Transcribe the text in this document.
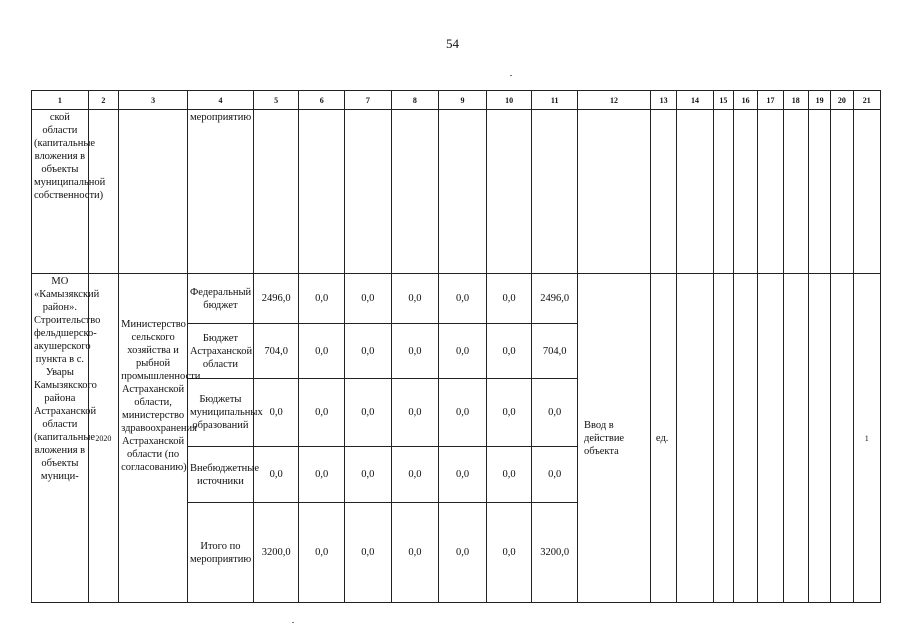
54
1	2	3	4	5	6	7	8	9	10	11	12	13	14	15	16	17	18	19	20	21
ской области (капитальные вложения в объекты муниципальной собственности)			мероприятию																	
МО «Камызякский район». Строительство фельдшерско-акушерского пункта в с. Увары Камызякского района Астраханской области (капитальные вложения в объекты муници-	2020	Министерство сельского хозяйства и рыбной промышленности Астраханской области, министерство здравоохранения Астраханской области (по согласованию)	Федеральный бюджет	2496,0	0,0	0,0	0,0	0,0	0,0	2496,0	Ввод в действие объекта	ед.								1
			Бюджет Астраханской области	704,0	0,0	0,0	0,0	0,0	0,0	704,0										
			Бюджеты муниципальных образований	0,0	0,0	0,0	0,0	0,0	0,0	0,0										
			Внебюджетные источники	0,0	0,0	0,0	0,0	0,0	0,0	0,0										
			Итого по мероприятию	3200,0	0,0	0,0	0,0	0,0	0,0	3200,0										
